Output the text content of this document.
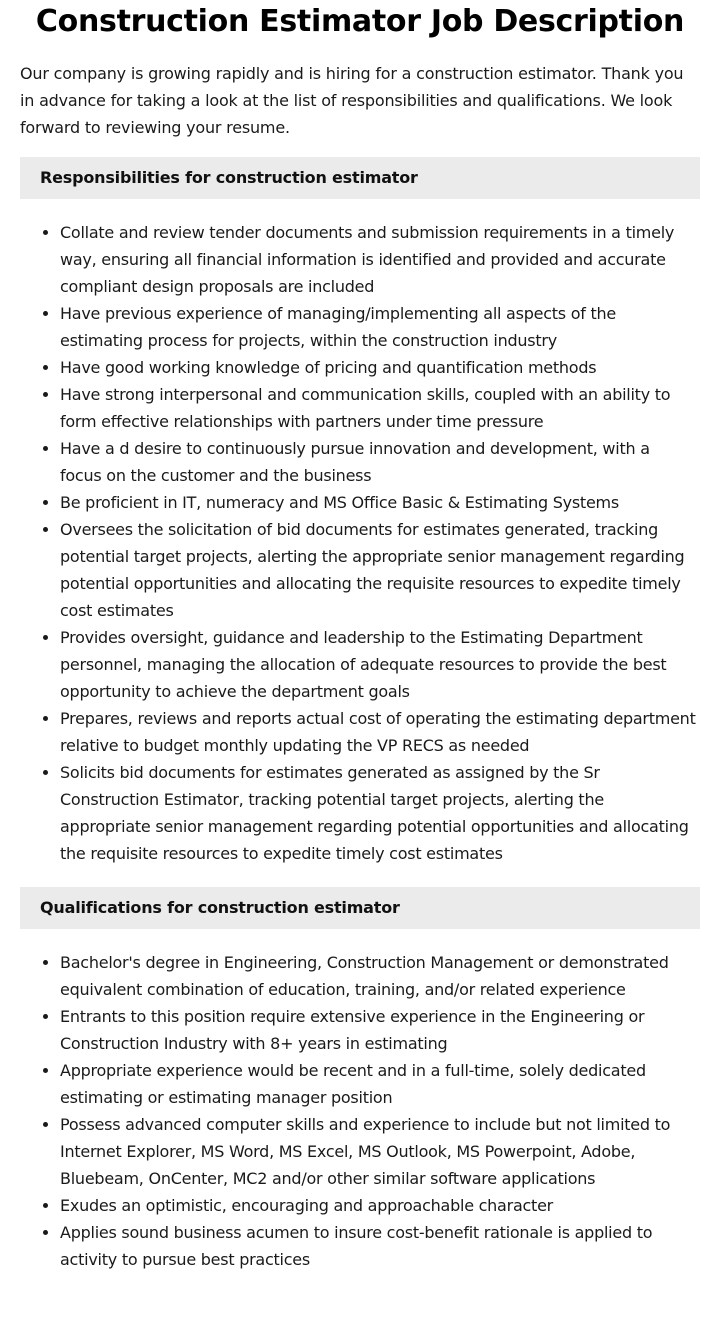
Construction Estimator Job Description

Our company is growing rapidly and is hiring for a construction estimator. Thank you in advance for taking a look at the list of responsibilities and qualifications. We look forward to reviewing your resume.

Responsibilities for construction estimator
• Collate and review tender documents and submission requirements in a timely way, ensuring all financial information is identified and provided and accurate compliant design proposals are included
• Have previous experience of managing/implementing all aspects of the estimating process for projects, within the construction industry
• Have good working knowledge of pricing and quantification methods
• Have strong interpersonal and communication skills, coupled with an ability to form effective relationships with partners under time pressure
• Have a d desire to continuously pursue innovation and development, with a focus on the customer and the business
• Be proficient in IT, numeracy and MS Office Basic & Estimating Systems
• Oversees the solicitation of bid documents for estimates generated, tracking potential target projects, alerting the appropriate senior management regarding potential opportunities and allocating the requisite resources to expedite timely cost estimates
• Provides oversight, guidance and leadership to the Estimating Department personnel, managing the allocation of adequate resources to provide the best opportunity to achieve the department goals
• Prepares, reviews and reports actual cost of operating the estimating department relative to budget monthly updating the VP RECS as needed
• Solicits bid documents for estimates generated as assigned by the Sr Construction Estimator, tracking potential target projects, alerting the appropriate senior management regarding potential opportunities and allocating the requisite resources to expedite timely cost estimates
Qualifications for construction estimator
• Bachelor's degree in Engineering, Construction Management or demonstrated equivalent combination of education, training, and/or related experience
• Entrants to this position require extensive experience in the Engineering or Construction Industry with 8+ years in estimating
• Appropriate experience would be recent and in a full-time, solely dedicated estimating or estimating manager position
• Possess advanced computer skills and experience to include but not limited to Internet Explorer, MS Word, MS Excel, MS Outlook, MS Powerpoint, Adobe, Bluebeam, OnCenter, MC2 and/or other similar software applications
• Exudes an optimistic, encouraging and approachable character
• Applies sound business acumen to insure cost-benefit rationale is applied to activity to pursue best practices
